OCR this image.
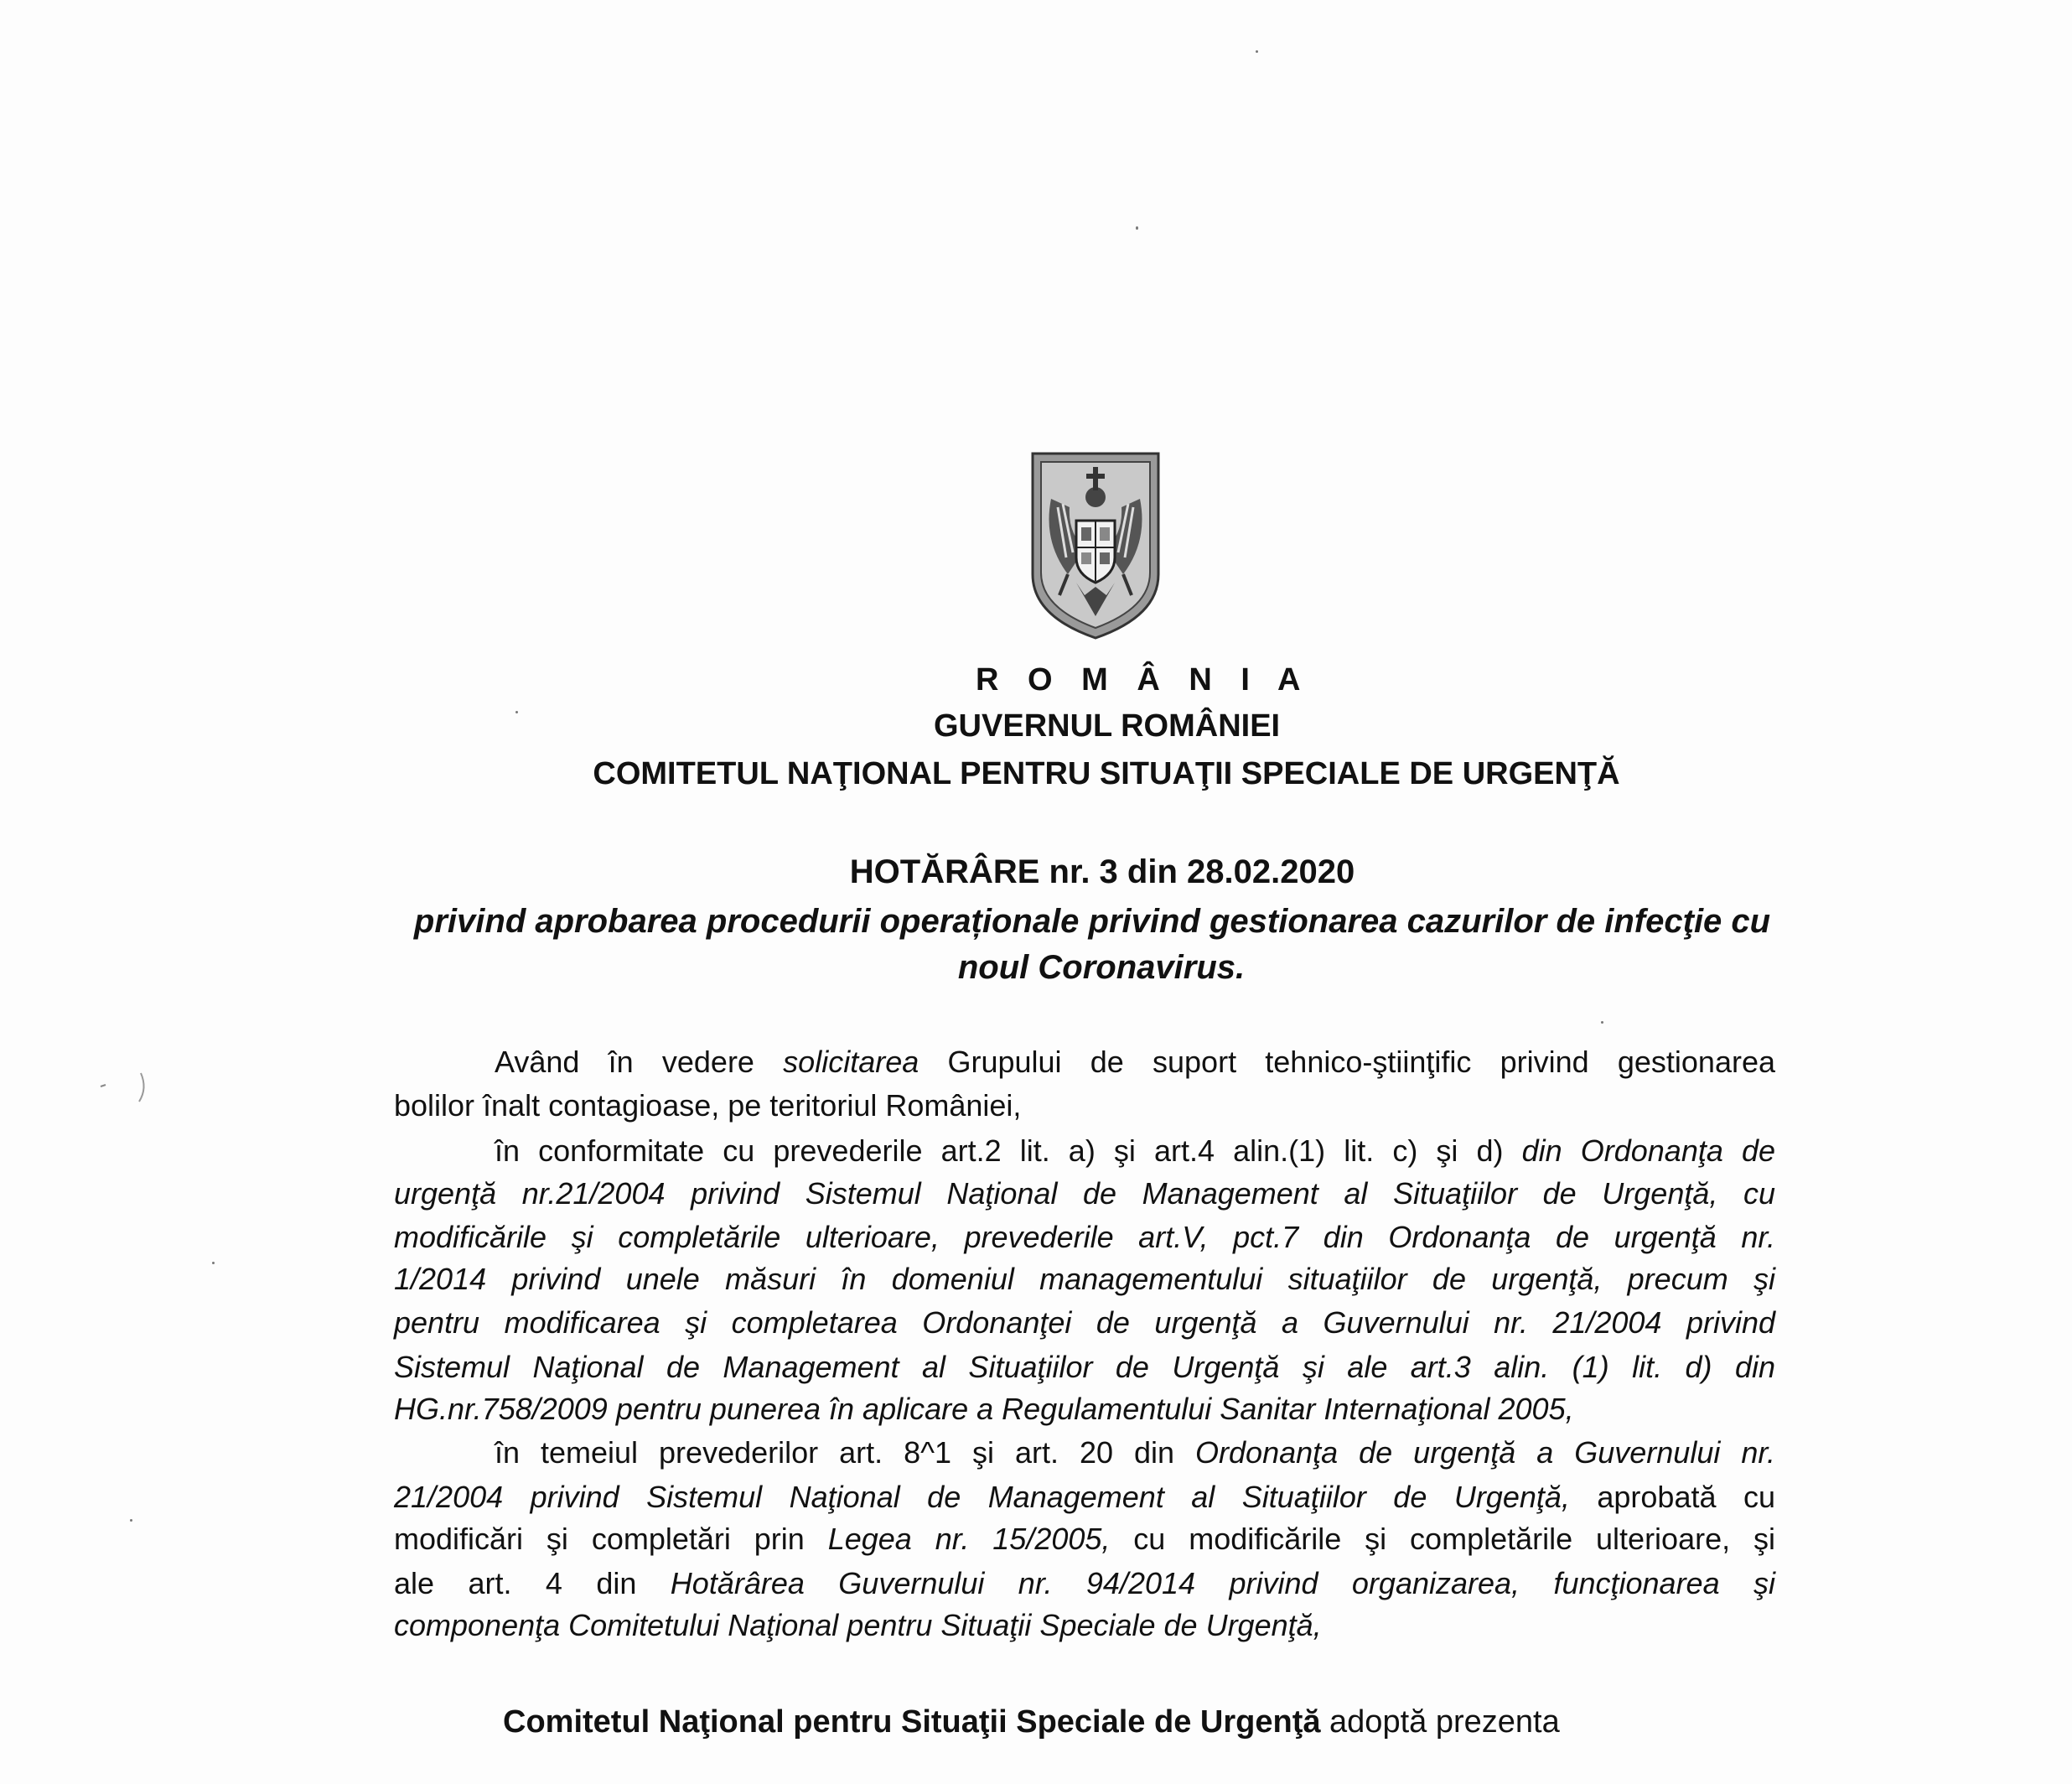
R O M Â N I A
GUVERNUL ROMÂNIEI
COMITETUL NAŢIONAL PENTRU SITUAŢII SPECIALE DE URGENŢĂ
HOTĂRÂRE nr. 3 din 28.02.2020
privind aprobarea procedurii operaționale privind gestionarea cazurilor de infecţie cu
noul Coronavirus.
Având în vedere solicitarea Grupului de suport tehnico-ştiinţific privind gestionarea
bolilor înalt contagioase, pe teritoriul României,
în conformitate cu prevederile art.2 lit. a) şi art.4 alin.(1) lit. c) şi d) din Ordonanţa de
urgenţă nr.21/2004 privind Sistemul Naţional de Management al Situaţiilor de Urgenţă, cu
modificările şi completările ulterioare, prevederile art.V, pct.7 din Ordonanţa de urgenţă nr.
1/2014 privind unele măsuri în domeniul managementului situaţiilor de urgenţă, precum şi
pentru modificarea şi completarea Ordonanţei de urgenţă a Guvernului nr. 21/2004 privind
Sistemul Naţional de Management al Situaţiilor de Urgenţă şi ale art.3 alin. (1) lit. d) din
HG.nr.758/2009 pentru punerea în aplicare a Regulamentului Sanitar Internaţional 2005,
în temeiul prevederilor art. 8^1 şi art. 20 din Ordonanţa de urgenţă a Guvernului nr.
21/2004 privind Sistemul Naţional de Management al Situaţiilor de Urgenţă, aprobată cu
modificări şi completări prin Legea nr. 15/2005, cu modificările şi completările ulterioare, şi
ale art. 4 din Hotărârea Guvernului nr. 94/2014 privind organizarea, funcţionarea şi
componenţa Comitetului Naţional pentru Situaţii Speciale de Urgenţă,
Comitetul Naţional pentru Situaţii Speciale de Urgenţă adoptă prezenta
